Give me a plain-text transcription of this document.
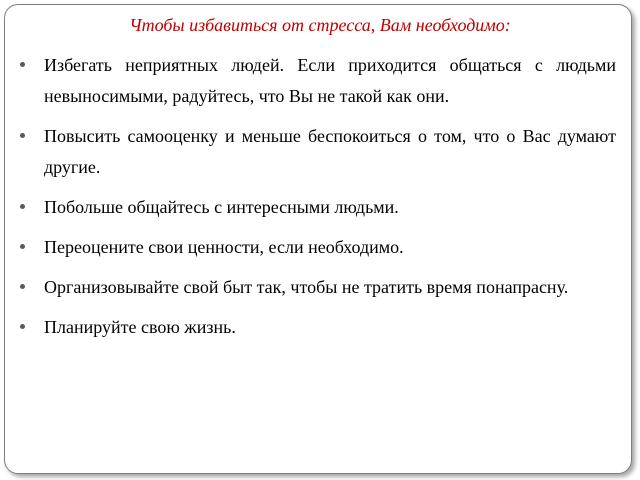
Чтобы избавиться от стресса, Вам необходимо:
Избегать неприятных людей. Если приходится общаться с людьми невыносимыми, радуйтесь, что Вы не такой как они.
Повысить самооценку и меньше беспокоиться о том, что о Вас думают другие.
Побольше общайтесь с интересными людьми.
Переоцените свои ценности, если необходимо.
Организовывайте свой быт так, чтобы не тратить время понапрасну.
Планируйте свою жизнь.
